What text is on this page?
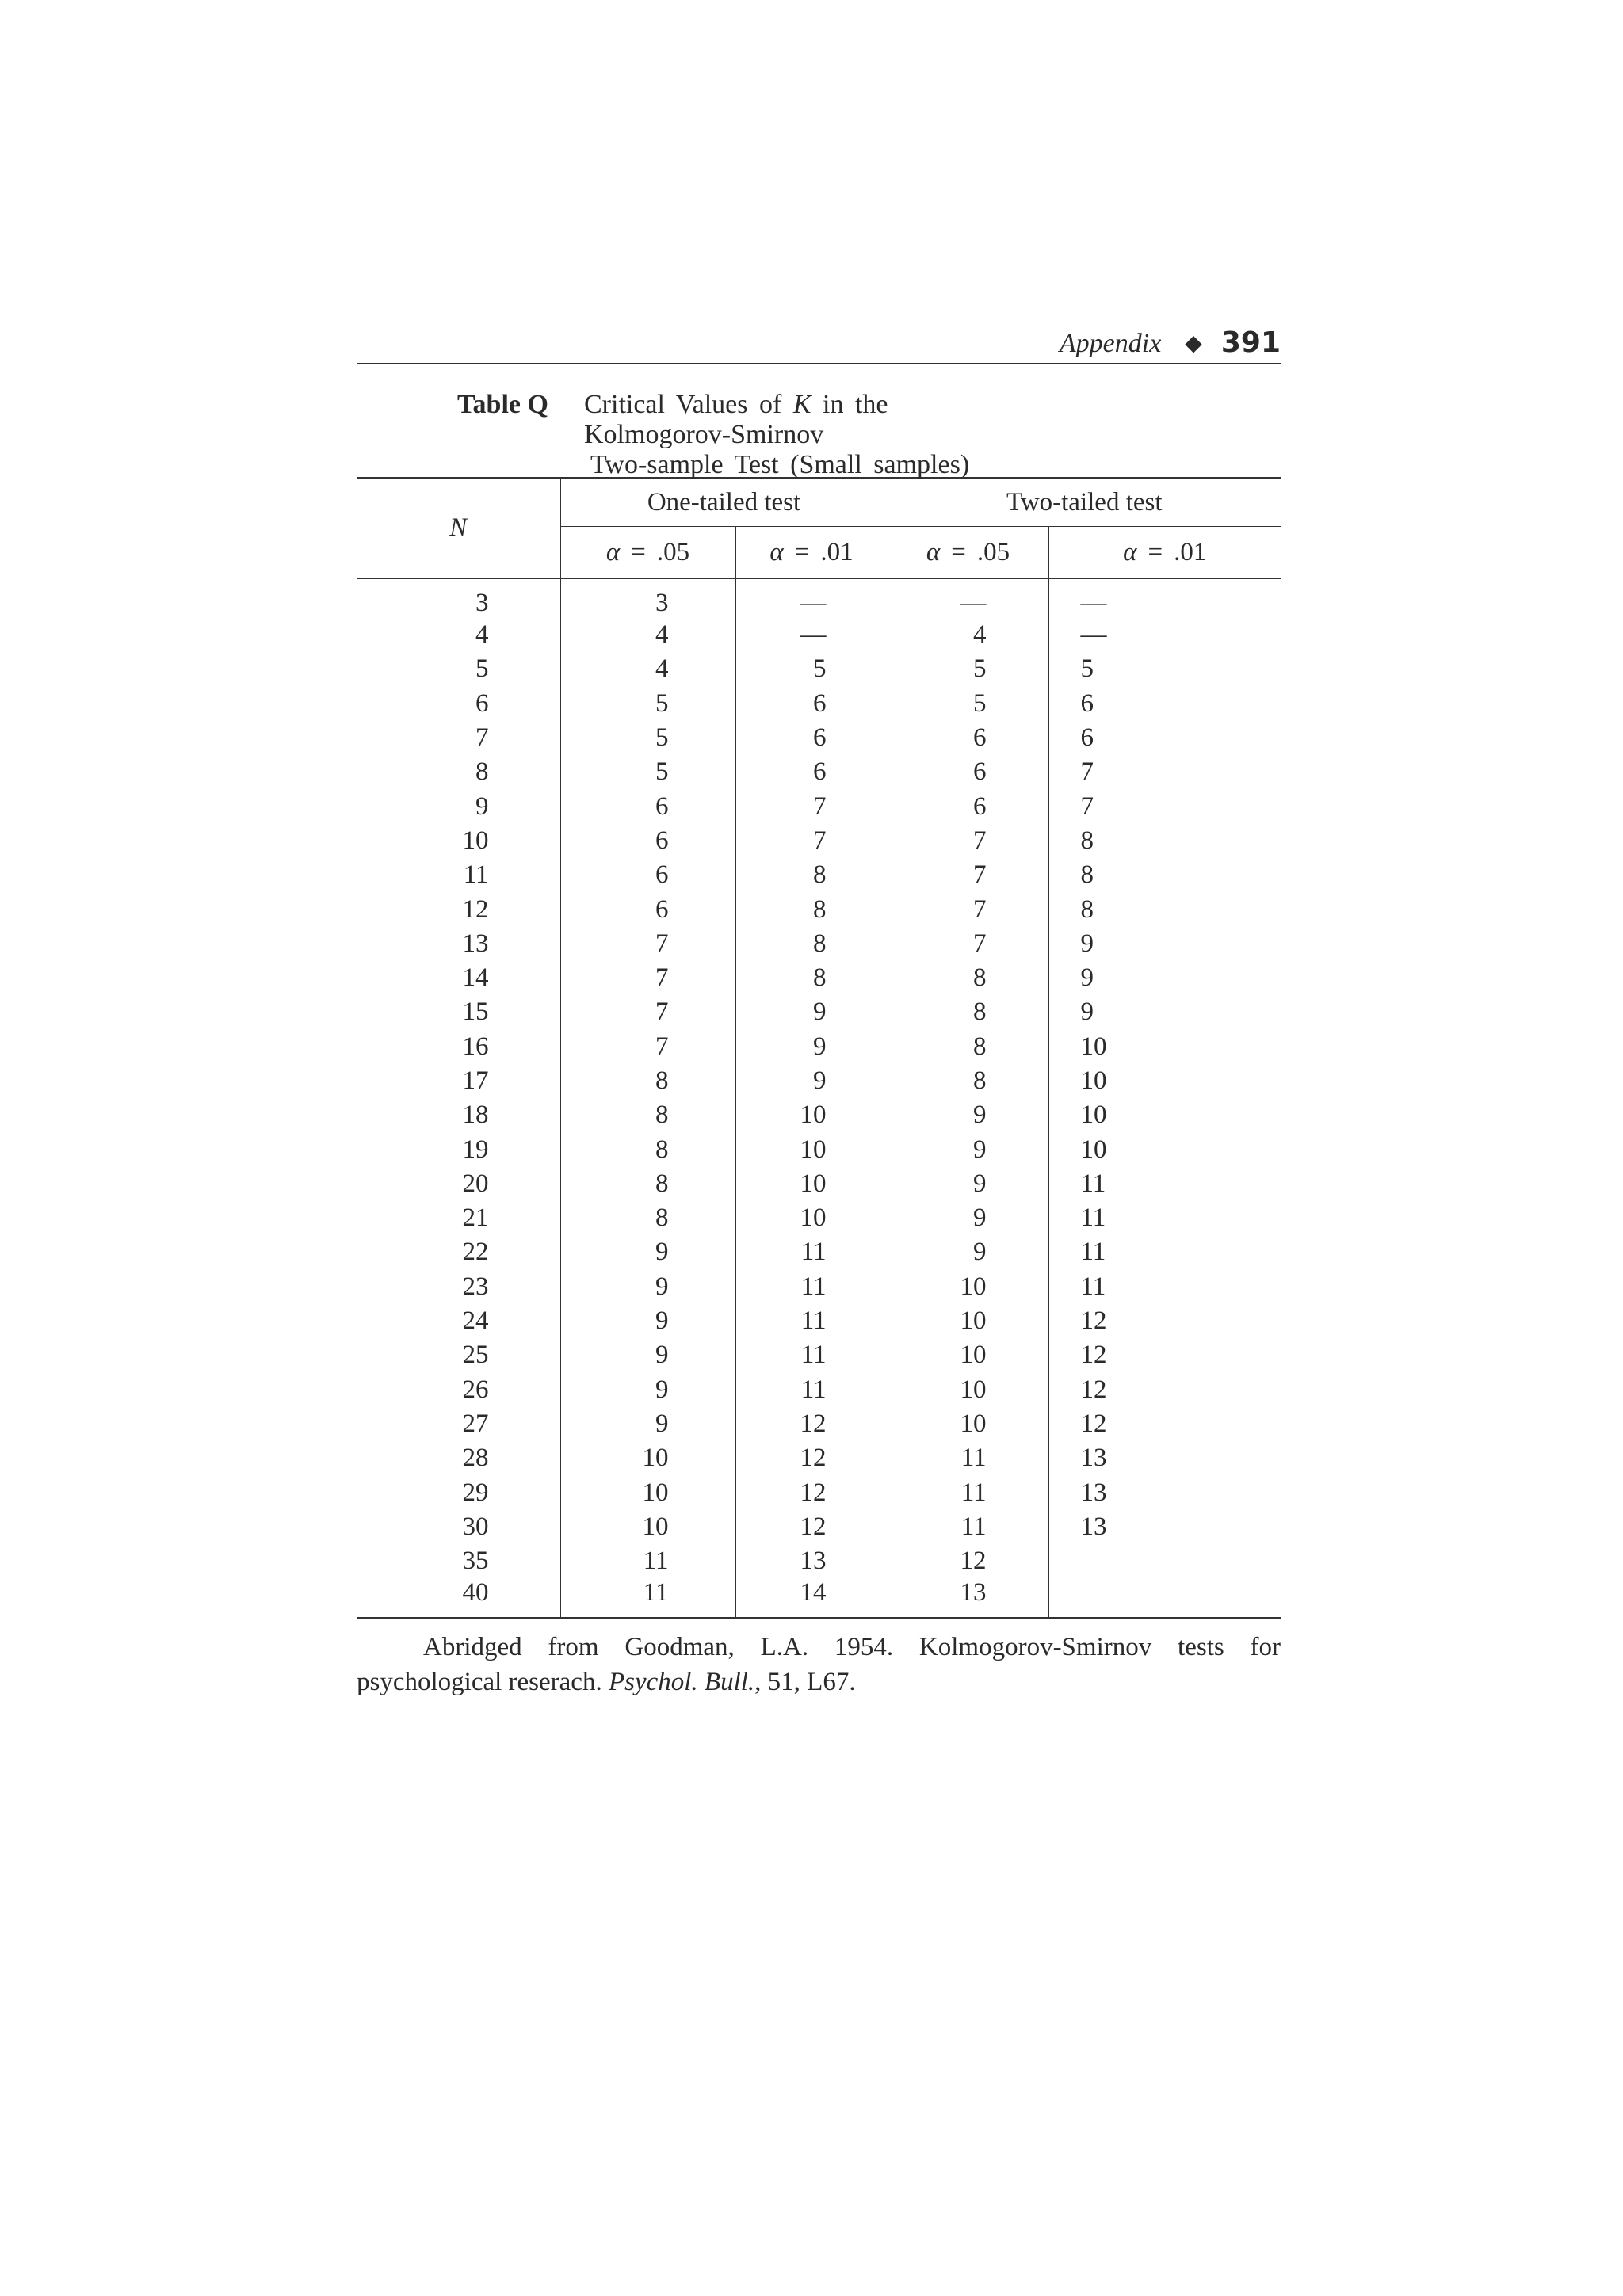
Appendix ◆ 391
Table Q Critical Values of K in the Kolmogorov-Smirnov
Two-sample Test (Small samples)
N	One-tailed test		Two-tailed test	
	α = .05	α = .01	α = .05	α = .01
3	3	—	—	—
4	4	—	4	—
5	4	5	5	5
6	5	6	5	6
7	5	6	6	6
8	5	6	6	7
9	6	7	6	7
10	6	7	7	8
11	6	8	7	8
12	6	8	7	8
13	7	8	7	9
14	7	8	8	9
15	7	9	8	9
16	7	9	8	10
17	8	9	8	10
18	8	10	9	10
19	8	10	9	10
20	8	10	9	11
21	8	10	9	11
22	9	11	9	11
23	9	11	10	11
24	9	11	10	12
25	9	11	10	12
26	9	11	10	12
27	9	12	10	12
28	10	12	11	13
29	10	12	11	13
30	10	12	11	13
35	11	13	12	
40	11	14	13	
Abridged from Goodman, L.A. 1954. Kolmogorov-Smirnov tests for psychological reserach. Psychol. Bull., 51, L67.
